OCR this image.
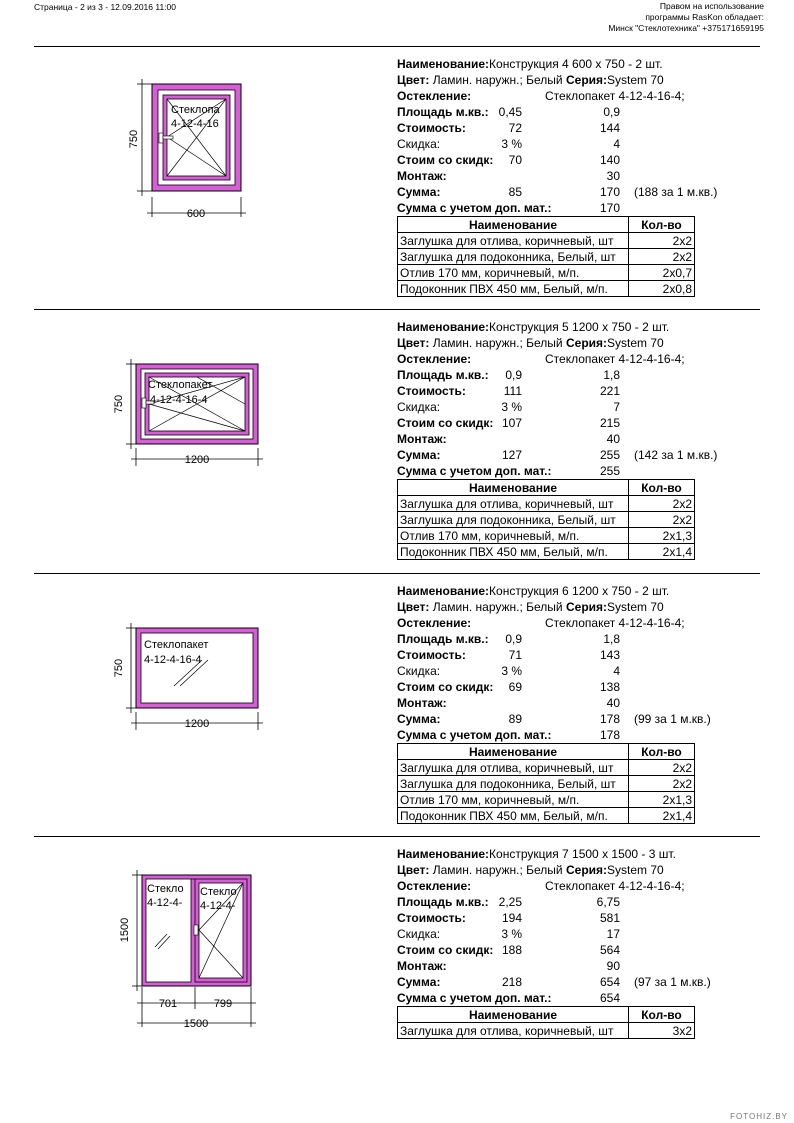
Страница - 2 из 3 - 12.09.2016 11:00	Правом на использование
программы RasKon обладает:
Минск "Стеклотехника" +375171659195
750
600
Стеклопа
4-12-4-16
Наименование:Конструкция 4 600 х 750 - 2 шт.
Цвет: Ламин. наружн.; Белый Серия:System 70
Остекление:	Стеклопакет 4-12-4-16-4;
Площадь м.кв.: 0,45	0,9
Стоимость:	72	144
Скидка:	3 %	4
Стоим со скидк: 70	140
Монтаж:	30
Сумма:	85	170 (188 за 1 м.кв.)
Сумма с учетом доп. мат.:	170
Наименование	Кол-во
Заглушка для отлива, коричневый, шт	2x2
Заглушка для подоконника, Белый, шт	2x2
Отлив 170 мм, коричневый, м/п.	2x0,7
Подоконник ПВХ 450 мм, Белый, м/п.	2x0,8
750
1200
Стеклопакет
4-12-4-16-4
Наименование:Конструкция 5 1200 х 750 - 2 шт.
Цвет: Ламин. наружн.; Белый Серия:System 70
Остекление:	Стеклопакет 4-12-4-16-4;
Площадь м.кв.: 0,9	1,8
Стоимость:	111	221
Скидка:	3 %	7
Стоим со скидк: 107	215
Монтаж:	40
Сумма:	127	255 (142 за 1 м.кв.)
Сумма с учетом доп. мат.:	255
Наименование	Кол-во
Заглушка для отлива, коричневый, шт	2x2
Заглушка для подоконника, Белый, шт	2x2
Отлив 170 мм, коричневый, м/п.	2x1,3
Подоконник ПВХ 450 мм, Белый, м/п.	2x1,4
750
1200
Стеклопакет
4-12-4-16-4
Наименование:Конструкция 6 1200 х 750 - 2 шт.
Цвет: Ламин. наружн.; Белый Серия:System 70
Остекление:	Стеклопакет 4-12-4-16-4;
Площадь м.кв.: 0,9	1,8
Стоимость:	71	143
Скидка:	3 %	4
Стоим со скидк: 69	138
Монтаж:	40
Сумма:	89	178 (99 за 1 м.кв.)
Сумма с учетом доп. мат.:	178
Наименование	Кол-во
Заглушка для отлива, коричневый, шт	2x2
Заглушка для подоконника, Белый, шт	2x2
Отлив 170 мм, коричневый, м/п.	2x1,3
Подоконник ПВХ 450 мм, Белый, м/п.	2x1,4
1500
701	799
1500
Стекло
4-12-4-
Стекло
4-12-4-
Наименование:Конструкция 7 1500 х 1500 - 3 шт.
Цвет: Ламин. наружн.; Белый Серия:System 70
Остекление:	Стеклопакет 4-12-4-16-4;
Площадь м.кв.: 2,25	6,75
Стоимость:	194	581
Скидка:	3 %	17
Стоим со скидк: 188	564
Монтаж:	90
Сумма:	218	654 (97 за 1 м.кв.)
Сумма с учетом доп. мат.:	654
Наименование	Кол-во
Заглушка для отлива, коричневый, шт	3x2
FOTOHIZ.BY
